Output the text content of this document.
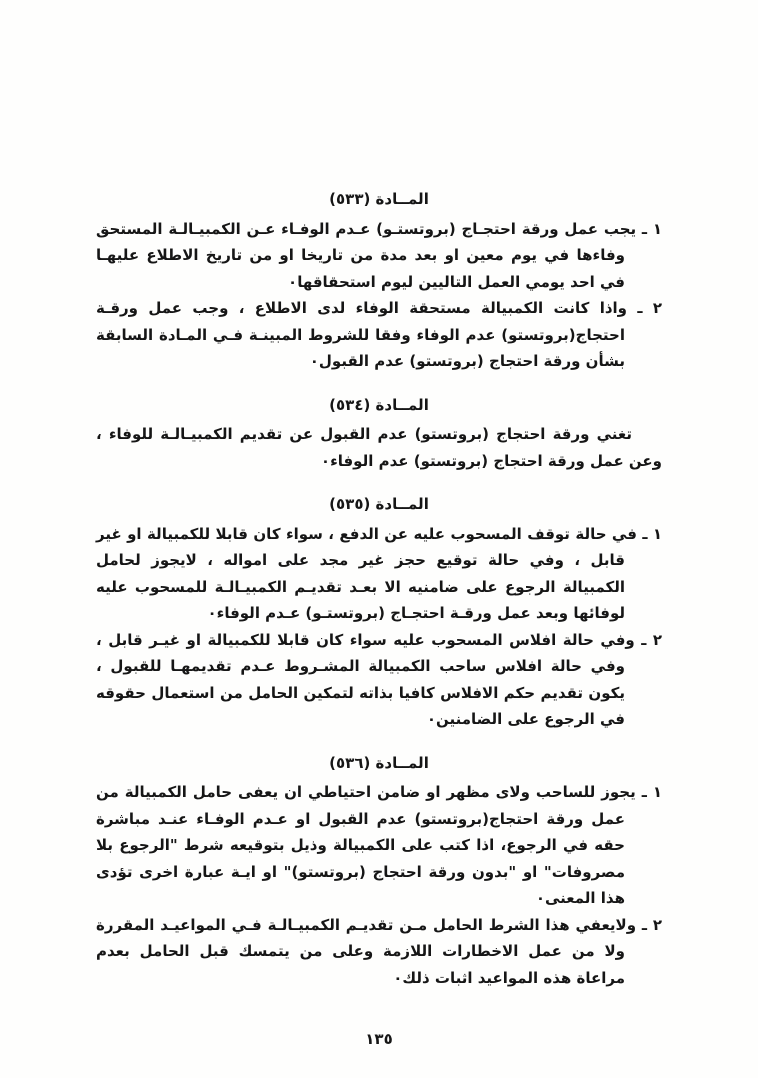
المــادة (٥٣٣)
١ ـ يجب عمل ورقة احتجـاج (بروتستـو) عـدم الوفـاء عـن الكمبيـالـة المستحق وفاءها في يوم معين او بعد مدة من تاريخا او من تاريخ الاطلاع عليهـا في احد يومي العمل التاليين ليوم استحقاقها٠
٢ ـ واذا كانت الكمبيالة مستحقة الوفاء لدى الاطلاع ، وجب عمل ورقـة احتجاج(بروتستو) عدم الوفاء وفقا للشروط المبينـة فـي المـادة السابقة بشأن ورقة احتجاج (بروتستو) عدم القبول٠
المــادة (٥٣٤)
تغني ورقة احتجاج (بروتستو) عدم القبول عن تقديم الكمبيـالـة للوفاء ، وعن عمل ورقة احتجاج (بروتستو) عدم الوفاء٠
المــادة (٥٣٥)
١ ـ في حالة توقف المسحوب عليه عن الدفع ، سواء كان قابلا للكمبيالة او غير قابل ، وفي حالة توقيع حجز غير مجد على امواله ، لايجوز لحامل الكمبيالة الرجوع على ضامنيه الا بعـد تقديـم الكمبيـالـة للمسحوب عليه لوفائها وبعد عمل ورقـة احتجـاج (بروتستـو) عـدم الوفاء٠
٢ ـ وفي حالة افلاس المسحوب عليه سواء كان قابلا للكمبيالة او غيـر قابل ، وفي حالة افلاس ساحب الكمبيالة المشـروط عـدم تقديمهـا للقبول ، يكون تقديم حكم الافلاس كافيا بذاته لتمكين الحامل من استعمال حقوقه في الرجوع على الضامنين٠
المــادة (٥٣٦)
١ ـ يجوز للساحب ولاى مظهر او ضامن احتياطي ان يعفى حامل الكمبيالة من عمل ورقة احتجاج(بروتستو) عدم القبول او عـدم الوفـاء عنـد مباشرة حقه في الرجوع، اذا كتب على الكمبيالة وذيل بتوقيعه شرط "الرجوع بلا مصروفات" او "بدون ورقة احتجاج (بروتستو)" او ايـة عبارة اخرى تؤدى هذا المعنى٠
٢ ـ ولايعفي هذا الشرط الحامل مـن تقديـم الكمبيـالـة فـي المواعيـد المقررة ولا من عمل الاخطارات اللازمة وعلى من يتمسك قبل الحامل بعدم مراعاة هذه المواعيد اثبات ذلك٠
١٣٥
